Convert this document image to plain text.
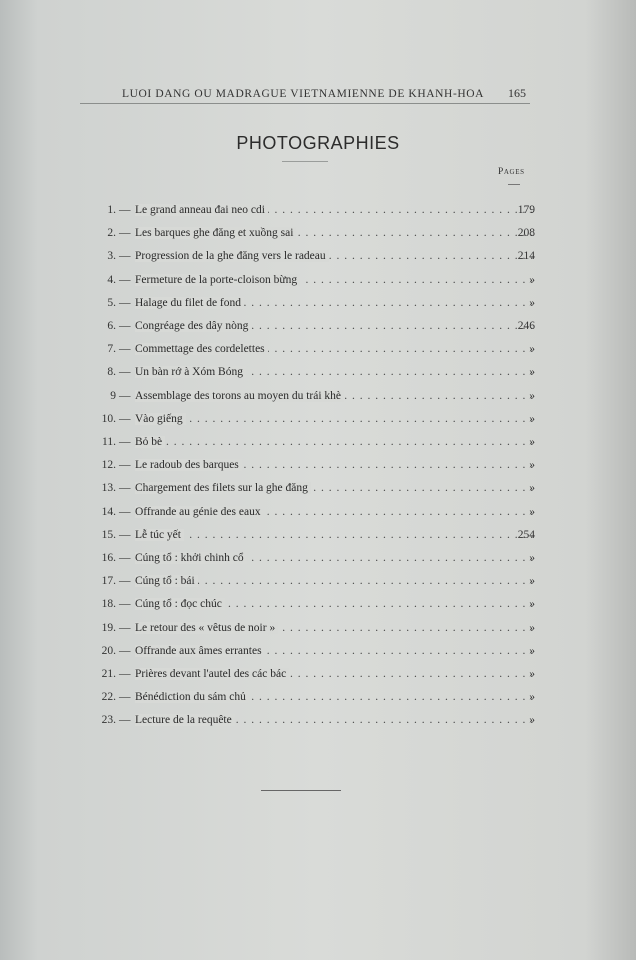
LUOI DANG OU MADRAGUE VIETNAMIENNE DE KHANH-HOA 165
PHOTOGRAPHIES
Pages
1. — . . . Le grand anneau đai neo cdi	179
2. — . . . Les barques ghe đăng et xuồng sai	208
3. — . . . Progression de la ghe đăng vers le radeau	214
4. — . . . Fermeture de la porte-cloison bừng	»
5. — . . . Halage du filet de fond	»
6. — . . . Congréage des dây nòng	246
7. — . . . Commettage des cordelettes	»
8. — . . . Un bàn rớ à Xóm Bóng	»
9 — . . . Assemblage des torons au moyen du trái khè	»
10. — . . . Vào giếng	»
11. — . . . Bỏ bè	»
12. — . . . Le radoub des barques	»
13. — . . . Chargement des filets sur la ghe đăng	»
14. — . . . Offrande au génie des eaux	»
15. — . . . Lễ túc yết	254
16. — . . . Cúng tổ : khởi chinh cổ	»
17. — . . . Cúng tổ : bái	»
18. — . . . Cúng tổ : đọc chúc	»
19. — . . . Le retour des « vêtus de noir »	»
20. — . . . Offrande aux âmes errantes	»
21. — . . . Prières devant l'autel des các bác	»
22. — . . . Bénédiction du sám chủ	»
23. — . . . Lecture de la requête	»
